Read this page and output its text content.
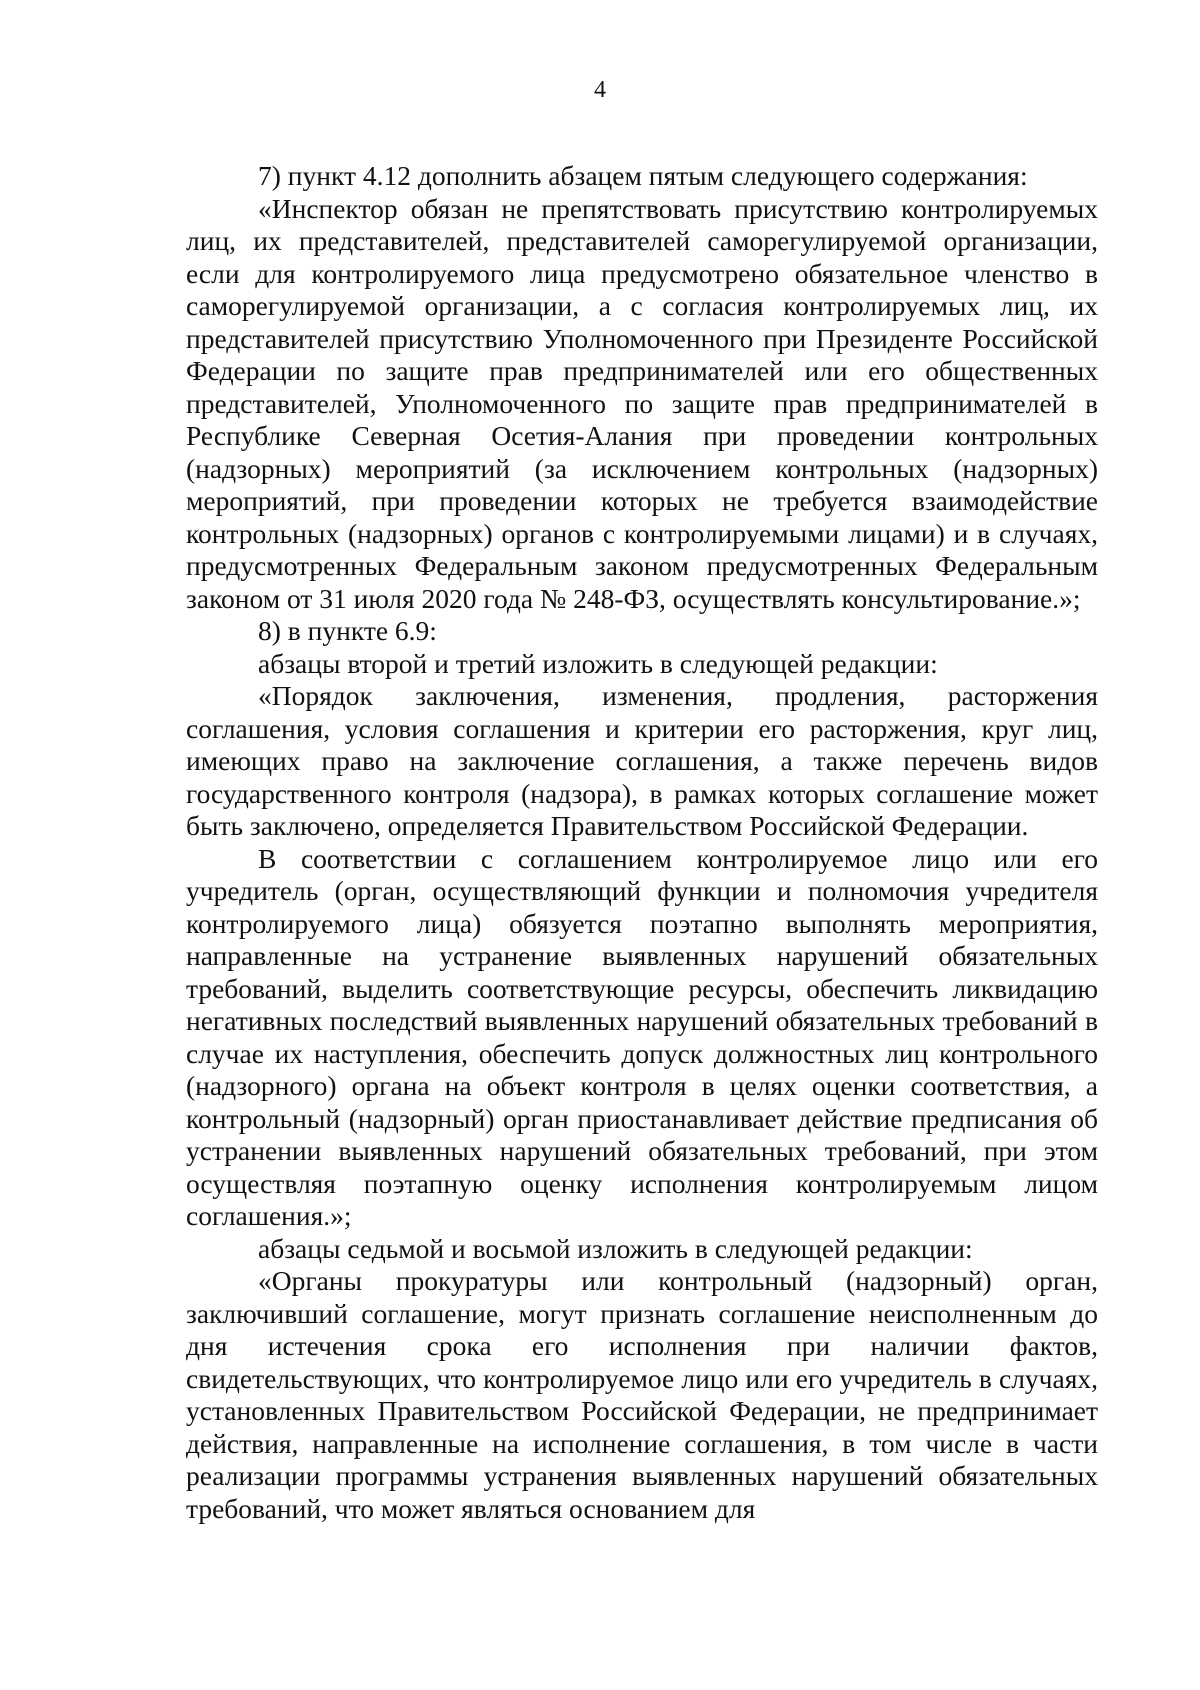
4

7) пункт 4.12 дополнить абзацем пятым следующего содержания:

«Инспектор обязан не препятствовать присутствию контролируемых лиц, их представителей, представителей саморегулируемой организации, если для контролируемого лица предусмотрено обязательное членство в саморегулируемой организации, а с согласия контролируемых лиц, их представителей присутствию Уполномоченного при Президенте Российской Федерации по защите прав предпринимателей или его общественных представителей, Уполномоченного по защите прав предпринимателей в Республике Северная Осетия-Алания при проведении контрольных (надзорных) мероприятий (за исключением контрольных (надзорных) мероприятий, при проведении которых не требуется взаимодействие контрольных (надзорных) органов с контролируемыми лицами) и в случаях, предусмотренных Федеральным законом предусмотренных Федеральным законом от 31 июля 2020 года № 248-ФЗ, осуществлять консультирование.»;

8) в пункте 6.9:

абзацы второй и третий изложить в следующей редакции:

«Порядок заключения, изменения, продления, расторжения соглашения, условия соглашения и критерии его расторжения, круг лиц, имеющих право на заключение соглашения, а также перечень видов государственного контроля (надзора), в рамках которых соглашение может быть заключено, определяется Правительством Российской Федерации.

В соответствии с соглашением контролируемое лицо или его учредитель (орган, осуществляющий функции и полномочия учредителя контролируемого лица) обязуется поэтапно выполнять мероприятия, направленные на устранение выявленных нарушений обязательных требований, выделить соответствующие ресурсы, обеспечить ликвидацию негативных последствий выявленных нарушений обязательных требований в случае их наступления, обеспечить допуск должностных лиц контрольного (надзорного) органа на объект контроля в целях оценки соответствия, а контрольный (надзорный) орган приостанавливает действие предписания об устранении выявленных нарушений обязательных требований, при этом осуществляя поэтапную оценку исполнения контролируемым лицом соглашения.»;

абзацы седьмой и восьмой изложить в следующей редакции:

«Органы прокуратуры или контрольный (надзорный) орган, заключивший соглашение, могут признать соглашение неисполненным до дня истечения срока его исполнения при наличии фактов, свидетельствующих, что контролируемое лицо или его учредитель в случаях, установленных Правительством Российской Федерации, не предпринимает действия, направленные на исполнение соглашения, в том числе в части реализации программы устранения выявленных нарушений обязательных требований, что может являться основанием для
